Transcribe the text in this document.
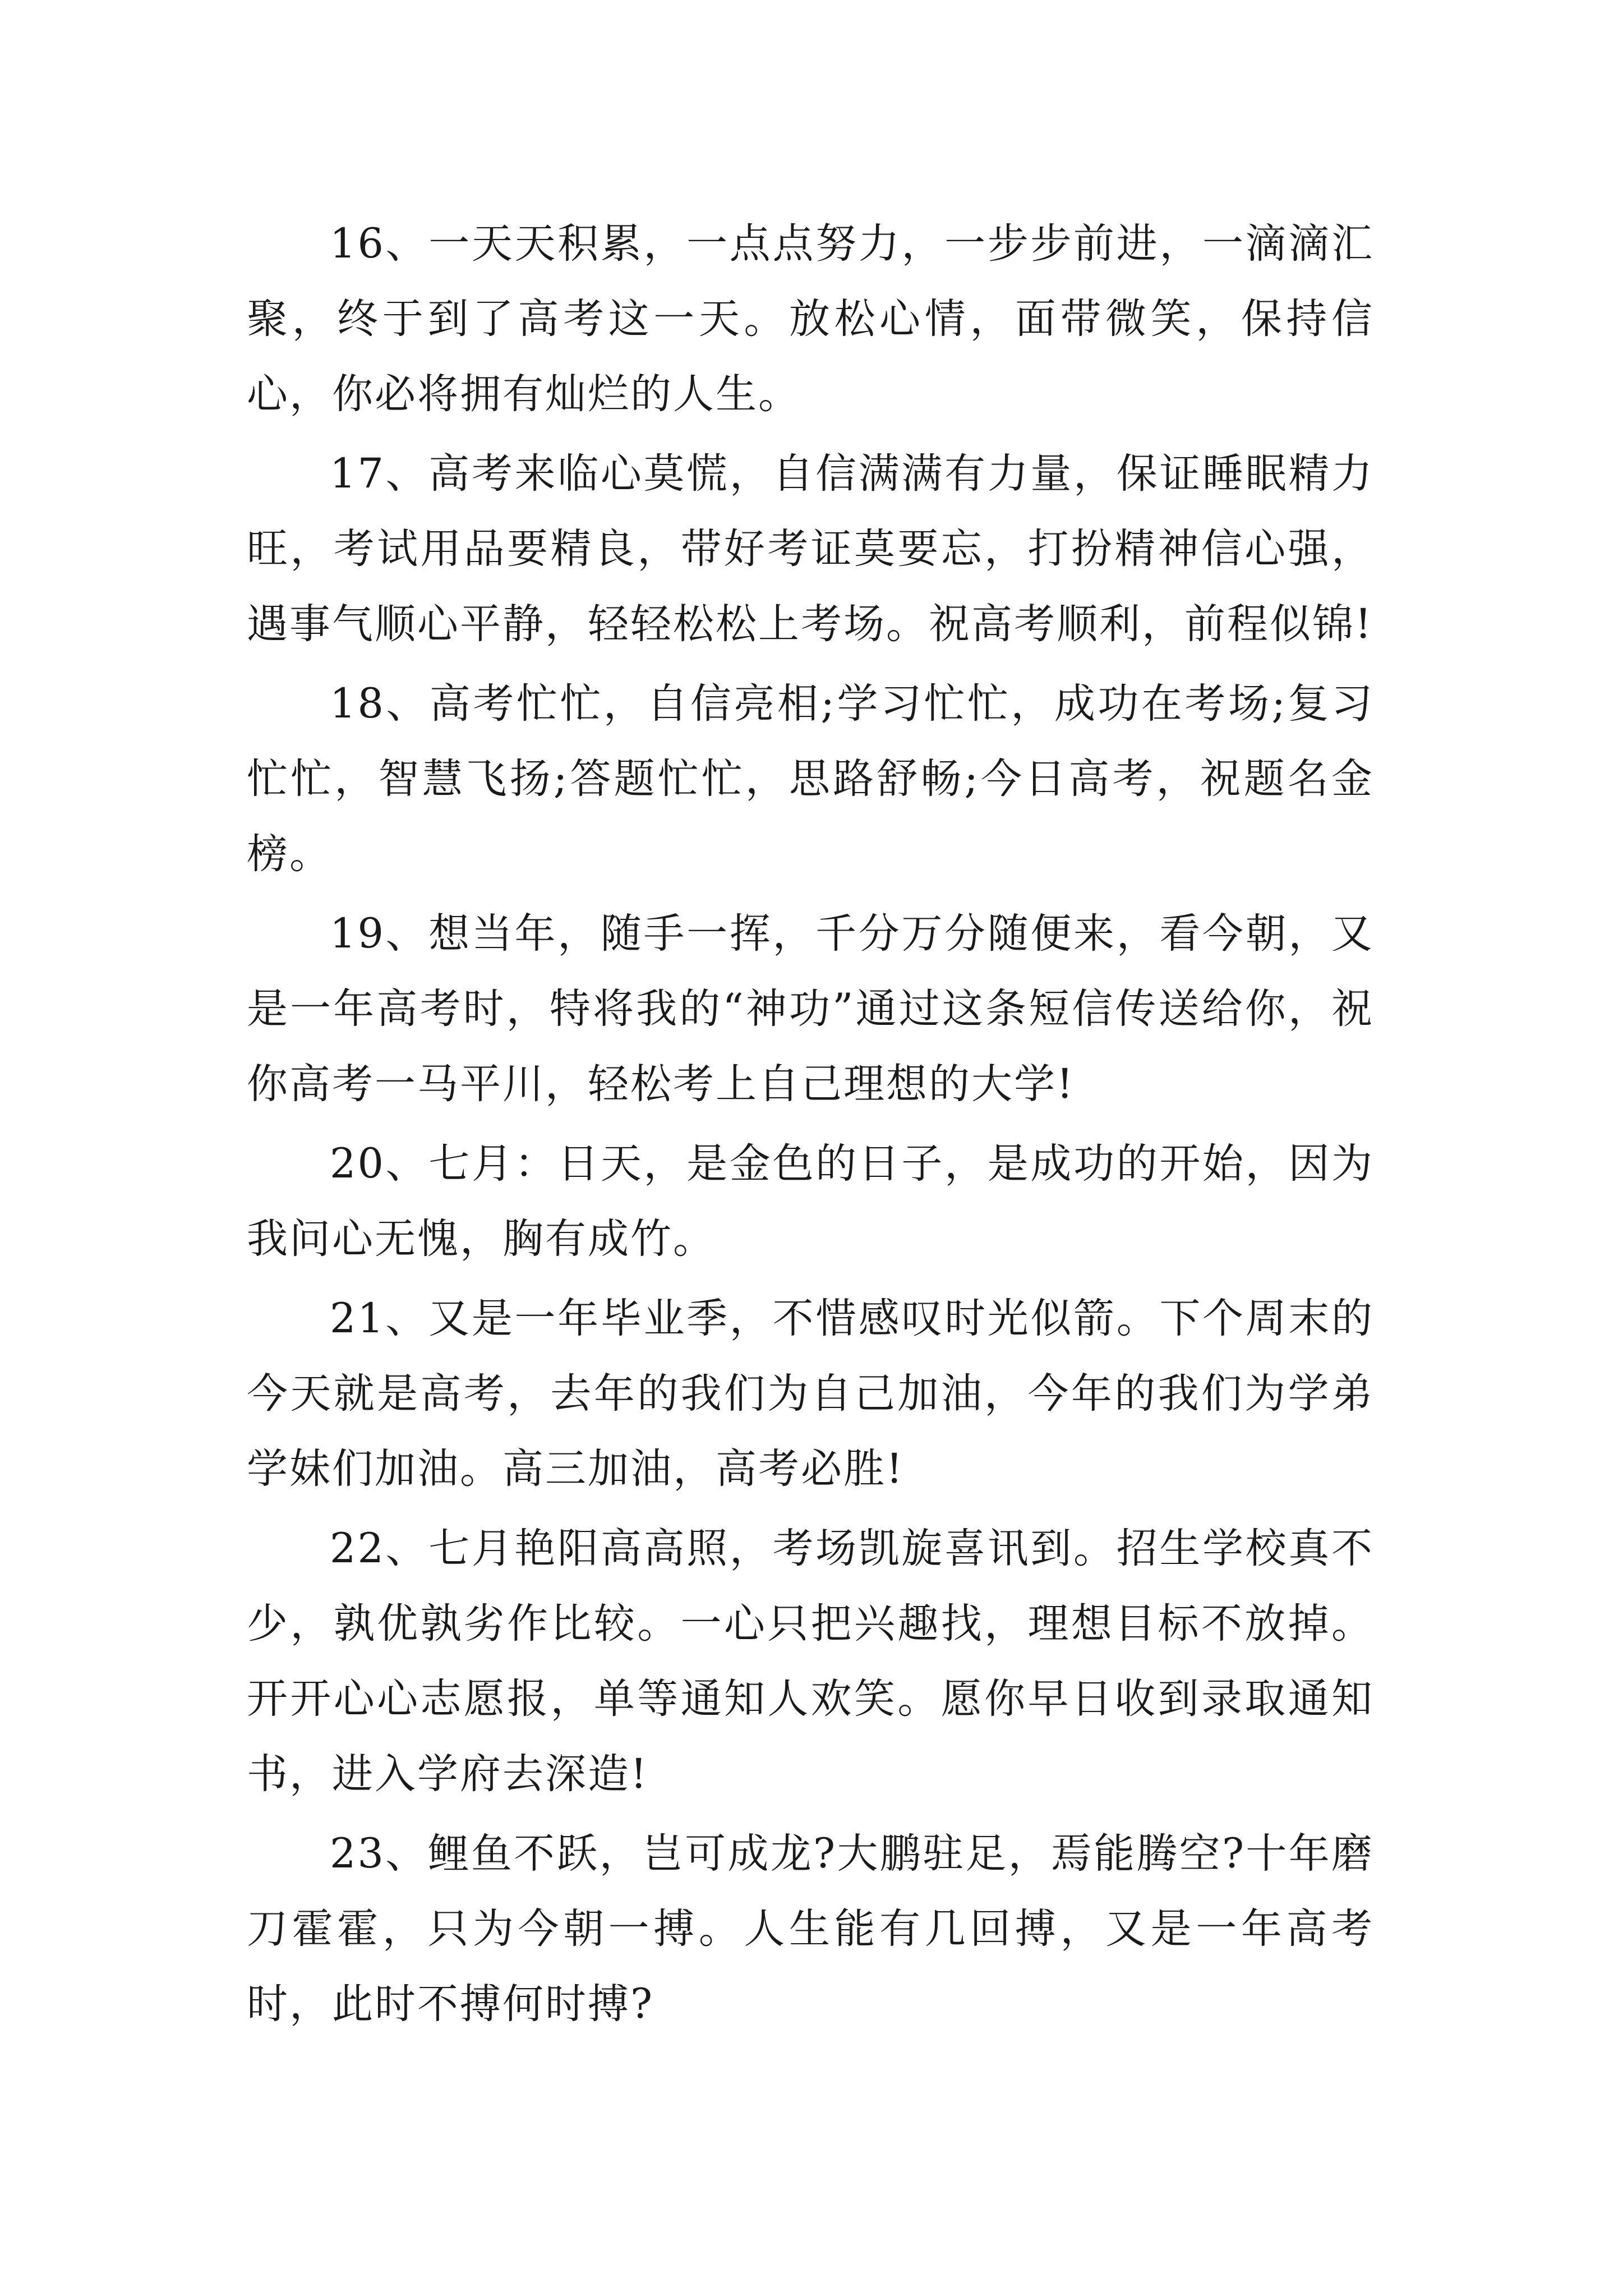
16、一天天积累，一点点努力，一步步前进，一滴滴汇聚，终于到了高考这一天。放松心情，面带微笑，保持信心，你必将拥有灿烂的人生。

17、高考来临心莫慌，自信满满有力量，保证睡眠精力旺，考试用品要精良，带好考证莫要忘，打扮精神信心强，遇事气顺心平静，轻轻松松上考场。祝高考顺利，前程似锦!

18、高考忙忙，自信亮相;学习忙忙，成功在考场;复习忙忙，智慧飞扬;答题忙忙，思路舒畅;今日高考，祝题名金榜。

19、想当年，随手一挥，千分万分随便来，看今朝，又是一年高考时，特将我的“神功”通过这条短信传送给你，祝你高考一马平川，轻松考上自己理想的大学!

20、七月：日天，是金色的日子，是成功的开始，因为我问心无愧，胸有成竹。

21、又是一年毕业季，不惜感叹时光似箭。下个周末的今天就是高考，去年的我们为自己加油，今年的我们为学弟学妹们加油。高三加油，高考必胜!

22、七月艳阳高高照，考场凯旋喜讯到。招生学校真不少，孰优孰劣作比较。一心只把兴趣找，理想目标不放掉。开开心心志愿报，单等通知人欢笑。愿你早日收到录取通知书，进入学府去深造!

23、鲤鱼不跃，岂可成龙?大鹏驻足，焉能腾空?十年磨刀霍霍，只为今朝一搏。人生能有几回搏，又是一年高考时，此时不搏何时搏?
